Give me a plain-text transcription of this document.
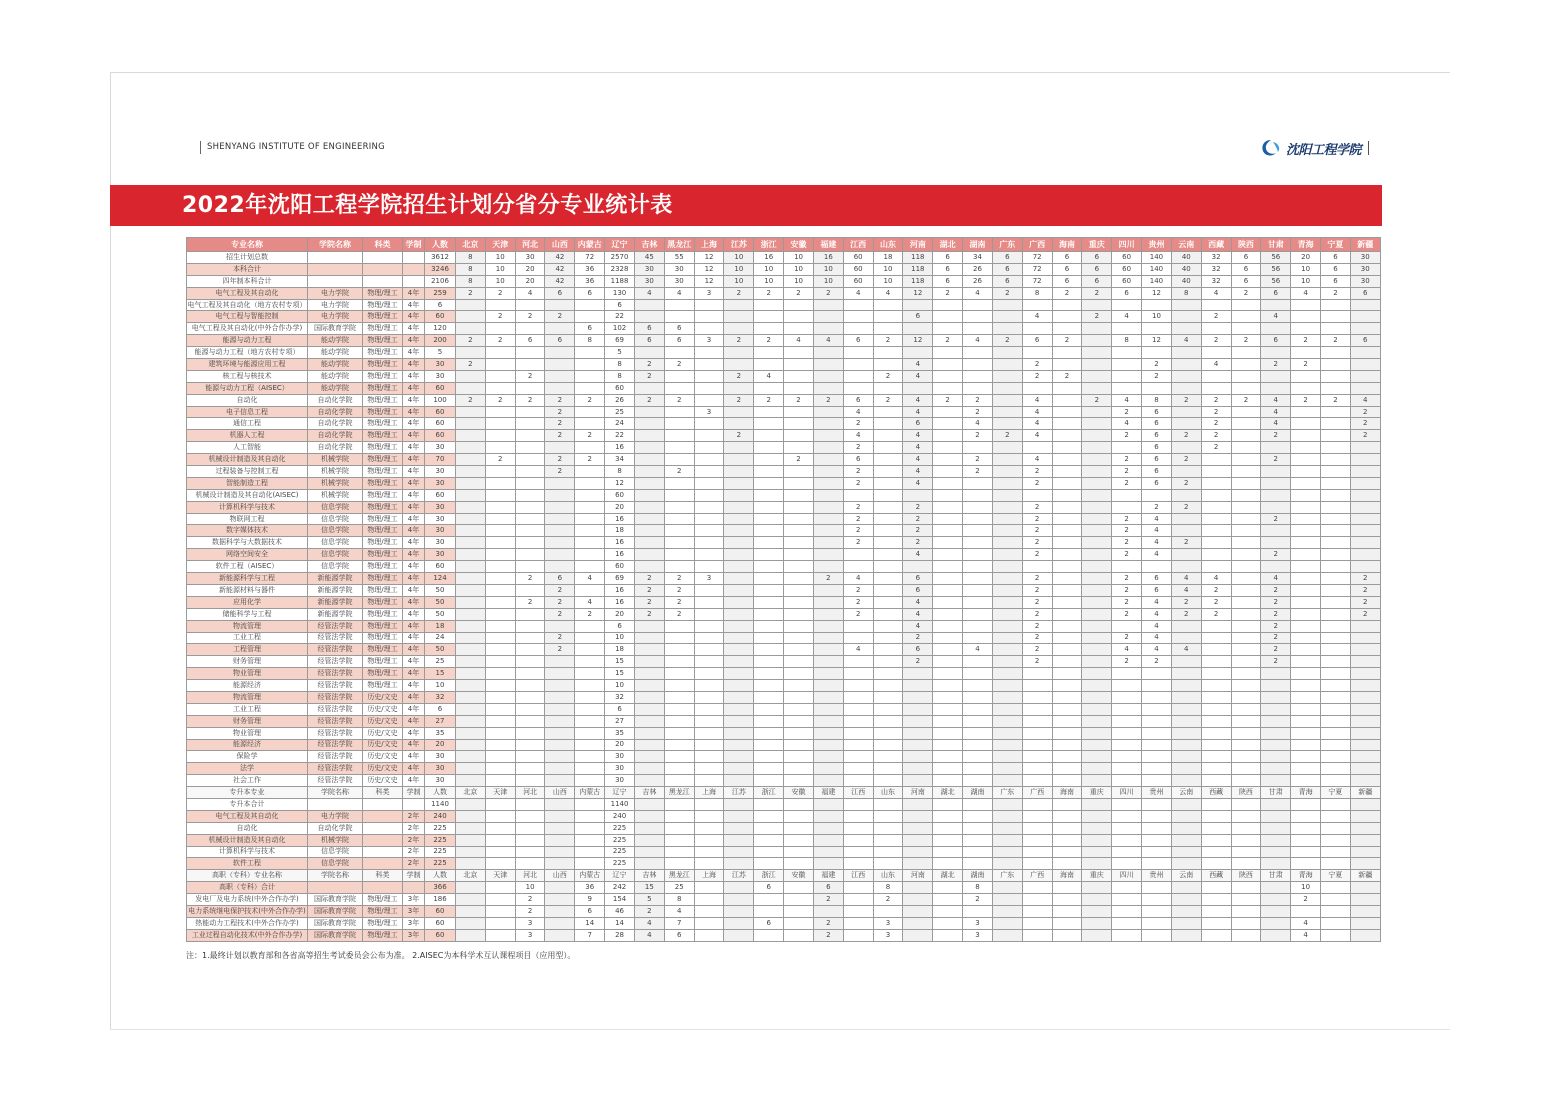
SHENYANG INSTITUTE OF ENGINEERING	沈阳工程学院
2022年沈阳工程学院招生计划分省分专业统计表
专业名称	学院名称	科类	学制	人数	北京	天津	河北	山西	内蒙古	辽宁	吉林	黑龙江	上海	江苏	浙江	安徽	福建	江西	山东	河南	湖北	湖南	广东	广西	海南	重庆	四川	贵州	云南	西藏	陕西	甘肃	青海	宁夏	新疆
招生计划总数				3612	8	10	30	42	72	2570	45	55	12	10	16	10	16	60	18	118	6	34	6	72	6	6	60	140	40	32	6	56	20	6	30
本科合计				3246	8	10	20	42	36	2328	30	30	12	10	10	10	10	60	10	118	6	26	6	72	6	6	60	140	40	32	6	56	10	6	30
四年制本科合计				2106	8	10	20	42	36	1188	30	30	12	10	10	10	10	60	10	118	6	26	6	72	6	6	60	140	40	32	6	56	10	6	30
电气工程及其自动化	电力学院	物理/理工	4年	259	2	2	4	6	6	130	4	4	3	2	2	2	2	4	4	12	2	4	2	8	2	2	6	12	8	4	2	6	4	2	6
电气工程及其自动化（地方农村专项）	电力学院	物理/理工	4年	6						6																									
电气工程与智能控制	电力学院	物理/理工	4年	60		2	2	2		22										6				4		2	4	10		2		4			
电气工程及其自动化(中外合作办学)	国际教育学院	物理/理工	4年	120					6	102	6	6																							
能源与动力工程	能动学院	物理/理工	4年	200	2	2	6	6	8	69	6	6	3	2	2	4	4	6	2	12	2	4	2	6	2		8	12	4	2	2	6	2	2	6
能源与动力工程（地方农村专项）	能动学院	物理/理工	4年	5						5																									
建筑环境与能源应用工程	能动学院	物理/理工	4年	30	2					8	2	2								4				2				2		4		2	2		
核工程与核技术	能动学院	物理/理工	4年	30			2			8	2			2	4				2	4				2	2			2							
能源与动力工程（AISEC）	能动学院	物理/理工	4年	60						60																									
自动化	自动化学院	物理/理工	4年	100	2	2	2	2	2	26	2	2		2	2	2	2	6	2	4	2	2		4		2	4	8	2	2	2	4	2	2	4
电子信息工程	自动化学院	物理/理工	4年	60				2		25			3					4		4		2		4			2	6		2		4			2
通信工程	自动化学院	物理/理工	4年	60				2		24								2		6		4		4			4	6		2		4			2
机器人工程	自动化学院	物理/理工	4年	60				2	2	22				2				4		4		2	2	4			2	6	2	2		2			2
人工智能	自动化学院	物理/理工	4年	30						16								2		4								6		2					
机械设计制造及其自动化	机械学院	物理/理工	4年	70		2		2	2	34						2		6		4		2		4			2	6	2			2			
过程装备与控制工程	机械学院	物理/理工	4年	30				2		8		2						2		4		2		2			2	6							
智能制造工程	机械学院	物理/理工	4年	30						12								2		4				2			2	6	2						
机械设计制造及其自动化(AISEC)	机械学院	物理/理工	4年	60						60																									
计算机科学与技术	信息学院	物理/理工	4年	30						20								2		2				2				2	2						
物联网工程	信息学院	物理/理工	4年	30						16								2		2				2			2	4				2			
数字媒体技术	信息学院	物理/理工	4年	30						18								2		2				2			2	4							
数据科学与大数据技术	信息学院	物理/理工	4年	30						16								2		2				2			2	4	2						
网络空间安全	信息学院	物理/理工	4年	30						16										4				2			2	4				2			
软件工程（AISEC）	信息学院	物理/理工	4年	60						60																									
新能源科学与工程	新能源学院	物理/理工	4年	124			2	6	4	69	2	2	3				2	4		6				2			2	6	4	4		4			2
新能源材料与器件	新能源学院	物理/理工	4年	50				2		16	2	2						2		6				2			2	6	4	2		2			2
应用化学	新能源学院	物理/理工	4年	50			2	2	4	16	2	2						2		4				2			2	4	2	2		2			2
储能科学与工程	新能源学院	物理/理工	4年	50				2	2	20	2	2						2		4				2			2	4	2	2		2			2
物流管理	经管法学院	物理/理工	4年	18						6										4				2				4				2			
工业工程	经管法学院	物理/理工	4年	24				2		10										2				2			2	4				2			
工程管理	经管法学院	物理/理工	4年	50				2		18								4		6		4		2			4	4	4			2			
财务管理	经管法学院	物理/理工	4年	25						15										2				2			2	2				2			
物业管理	经管法学院	物理/理工	4年	15						15																									
能源经济	经管法学院	物理/理工	4年	10						10																									
物流管理	经管法学院	历史/文史	4年	32						32																									
工业工程	经管法学院	历史/文史	4年	6						6																									
财务管理	经管法学院	历史/文史	4年	27						27																									
物业管理	经管法学院	历史/文史	4年	35						35																									
能源经济	经管法学院	历史/文史	4年	20						20																									
保险学	经管法学院	历史/文史	4年	30						30																									
法学	经管法学院	历史/文史	4年	30						30																									
社会工作	经管法学院	历史/文史	4年	30						30																									
专升本专业	学院名称	科类	学制	人数	北京	天津	河北	山西	内蒙古	辽宁	吉林	黑龙江	上海	江苏	浙江	安徽	福建	江西	山东	河南	湖北	湖南	广东	广西	海南	重庆	四川	贵州	云南	西藏	陕西	甘肃	青海	宁夏	新疆
专升本合计				1140						1140																									
电气工程及其自动化	电力学院		2年	240						240																									
自动化	自动化学院		2年	225						225																									
机械设计制造及其自动化	机械学院		2年	225						225																									
计算机科学与技术	信息学院		2年	225						225																									
软件工程	信息学院		2年	225						225																									
高职（专科）专业名称	学院名称	科类	学制	人数	北京	天津	河北	山西	内蒙古	辽宁	吉林	黑龙江	上海	江苏	浙江	安徽	福建	江西	山东	河南	湖北	湖南	广东	广西	海南	重庆	四川	贵州	云南	西藏	陕西	甘肃	青海	宁夏	新疆
高职（专科）合计				366			10		36	242	15	25			6		6		8			8											10		
发电厂及电力系统(中外合作办学)	国际教育学院	物理/理工	3年	186			2		9	154	5	8					2		2			2											2		
电力系统继电保护技术(中外合作办学)	国际教育学院	物理/理工	3年	60			2		6	46	2	4																							
热能动力工程技术(中外合作办学)	国际教育学院	物理/理工	3年	60			3		14	14	4	7			6		2		3			3											4		
工业过程自动化技术(中外合作办学)	国际教育学院	物理/理工	3年	60			3		7	28	4	6					2		3			3											4		
注：1.最终计划以教育部和各省高等招生考试委员会公布为准。 2.AISEC为本科学术互认课程项目（应用型）。
